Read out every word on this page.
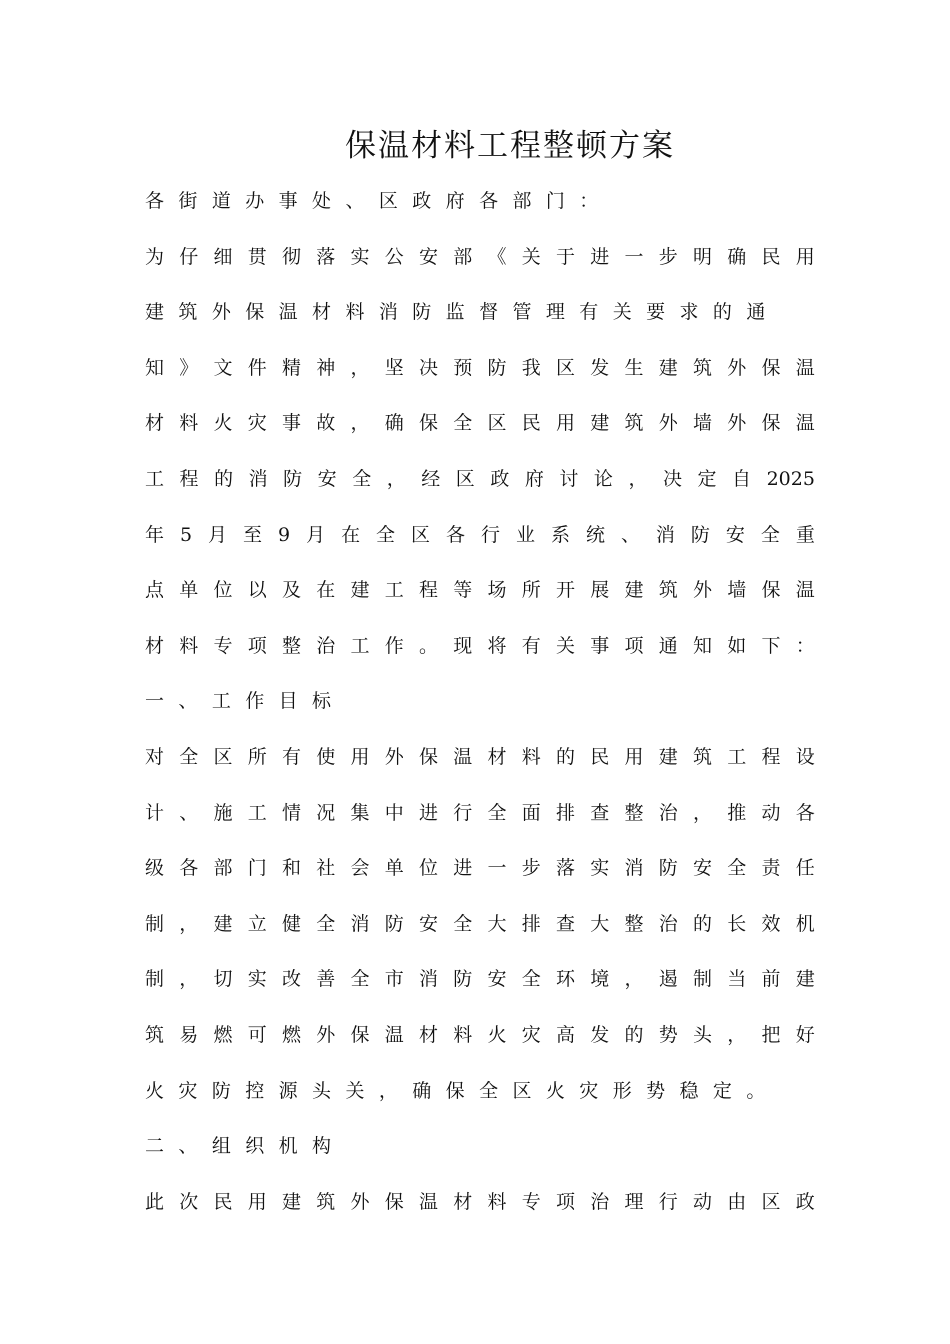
保温材料工程整顿方案
各 街 道 办 事 处 、 区 政 府 各 部 门 ：
为 仔 细 贯 彻 落 实 公 安 部 《 关 于 进 一 步 明 确 民 用
建 筑 外 保 温 材 料 消 防 监 督 管 理 有 关 要 求 的 通
知 》 文 件 精 神 ， 坚 决 预 防 我 区 发 生 建 筑 外 保 温
材 料 火 灾 事 故 ， 确 保 全 区 民 用 建 筑 外 墙 外 保 温
工 程 的 消 防 安 全 ， 经 区 政 府 讨 论 ， 决 定 自 2025
年 5 月 至 9 月 在 全 区 各 行 业 系 统 、 消 防 安 全 重
点 单 位 以 及 在 建 工 程 等 场 所 开 展 建 筑 外 墙 保 温
材 料 专 项 整 治 工 作 。 现 将 有 关 事 项 通 知 如 下 ：
一 、 工 作 目 标
对 全 区 所 有 使 用 外 保 温 材 料 的 民 用 建 筑 工 程 设
计 、 施 工 情 况 集 中 进 行 全 面 排 查 整 治 ， 推 动 各
级 各 部 门 和 社 会 单 位 进 一 步 落 实 消 防 安 全 责 任
制 ， 建 立 健 全 消 防 安 全 大 排 查 大 整 治 的 长 效 机
制 ， 切 实 改 善 全 市 消 防 安 全 环 境 ， 遏 制 当 前 建
筑 易 燃 可 燃 外 保 温 材 料 火 灾 高 发 的 势 头 ， 把 好
火 灾 防 控 源 头 关 ， 确 保 全 区 火 灾 形 势 稳 定 。
二 、 组 织 机 构
此 次 民 用 建 筑 外 保 温 材 料 专 项 治 理 行 动 由 区 政
